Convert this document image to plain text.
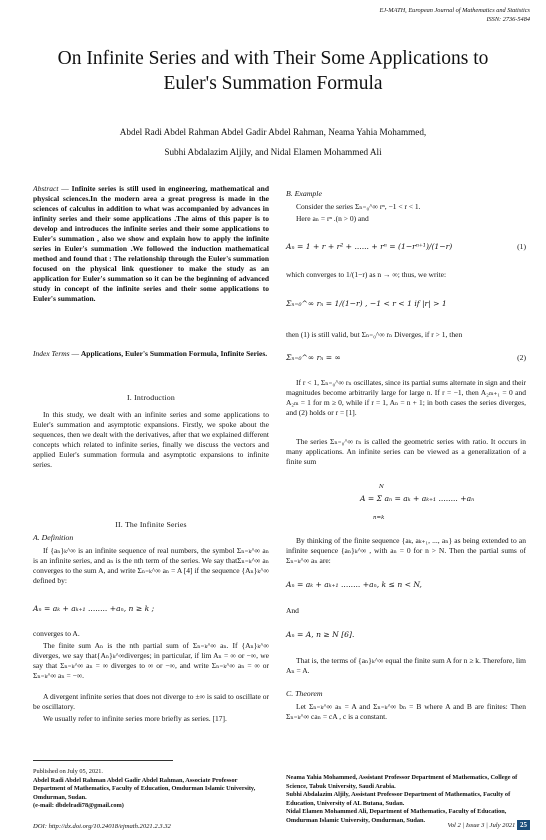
EJ-MATH, European Journal of Mathematics and Statistics
ISSN: 2736-5484
On Infinite Series and with Their Some Applications to
Euler's Summation Formula
Abdel Radi Abdel Rahman Abdel Gadir Abdel Rahman, Neama Yahia Mohammed,
Subhi Abdalazim Aljily, and Nidal Elamen Mohammed Ali
Abstract — Infinite series is still used in engineering, mathematical and physical sciences.In the modern area a great progress is made in the sciences of calculus in addition to what was accompanied by advances in infinity series and their some applications .The aims of this paper is to develop and introduces the infinite series and their some applications to Euler's summation , also we show and explain how to apply the infinite series in Euler's summation .We followed the induction mathematical method and found that : The relationship through the Euler's summation focused on the physical link questioner to make the study as an application for Euler's summation so it can be the beginning of advanced study in concept of the infinite series and their some applications to Euler's summation.
Index Terms — Applications, Euler's Summation Formula, Infinite Series.
I. Introduction
In this study, we dealt with an infinite series and some applications to Euler's summation and asymptotic expansions. Firstly, we spoke about the sequences, then we dealt with the derivatives, after that we explained different concepts which related to infinite series, finally we discuss the vectors and applied Euler's summation formula and asymptotic expansions to infinite series.
II. The Infinite Series
A. Definition
If {aₙ}ₖ^∞ is an infinite sequence of real numbers, the symbol Σₙ₌ₖ^∞ aₙ is an infinite series, and aₙ is the nth term of the series. We say thatΣₙ₌ₖ^∞ aₙ converges to the sum A, and write Σₙ₌ₖ^∞ aₙ = A [4] if the sequence {Aₙ}ₖ^∞ defined by:
Aₙ = aₖ + aₖ₊₁ ........ +aₙ, n ≥ k ;
converges to A.
The finite sum Aₙ is the nth partial sum of Σₙ₌ₖ^∞ aₙ. If {Aₙ}ₖ^∞ diverges, we say that{Aₙ}ₖ^∞diverges; in particular, if lim Aₙ = ∞ or −∞, we say that Σₙ₌ₖ^∞ aₙ = ∞ diverges to ∞ or −∞, and write Σₙ₌ₖ^∞ aₙ = ∞ or Σₙ₌ₖ^∞ aₙ = −∞.
A divergent infinite series that does not diverge to ±∞ is said to oscillate or be oscillatory.
We usually refer to infinite series more briefly as series. [17].
Published on July 05, 2021.
Abdel Radi Abdel Rahman Abdel Gadir Abdel Rahman, Associate Professor Department of Mathematics, Faculty of Education, Omdurman Islamic University, Omdurman, Sudan.
(e-mail: dbdelradi78@gmail.com)
B. Example
Consider the series Σₙ₌₀^∞ rⁿ, −1 < r < 1.
Here aₙ = rⁿ .(n > 0) and
Aₙ = 1 + r + r² + ...... + rⁿ = (1−rⁿ⁺¹)/(1−r)	(1)
which converges to 1/(1−r) as n → ∞; thus, we write:
Σₙ₌₀^∞ rₙ = 1/(1−r) , −1 < r < 1 if |r| > 1
then (1) is still valid, but Σₙ₌₀^∞ rₙ Diverges, if r > 1, then
Σₙ₌₀^∞ rₙ = ∞	(2)
If r < 1, Σₙ₌₀^∞ rₙ oscillates, since its partial sums alternate in sign and their magnitudes become arbitrarily large for large n. If r = −1, then A₂ₘ₊₁ = 0 and A₂ₘ = 1 for m ≥ 0, while if r = 1, Aₙ = n + 1; in both cases the series diverges, and (2) holds or r = [1].
The series Σₙ₌₀^∞ rₙ is called the geometric series with ratio. It occurs in many applications. An infinite series can be viewed as a generalization of a finite sum
N
A = Σ aₙ = aₖ + aₖ₊₁ ........ +aₙ
n=k
By thinking of the finite sequence {aₖ, aₖ₊₁, ..., aₙ} as being extended to an infinite sequence {aₙ}ₖ^∞ , with aₙ = 0 for n > N. Then the partial sums of Σₙ₌ₖ^∞ aₙ are:
Aₙ = aₖ + aₖ₊₁ ........ +aₙ, k ≤ n < N,
And
Aₙ = A, n ≥ N [6].
That is, the terms of {aₙ}ₖ^∞ equal the finite sum A for n ≥ k. Therefore, lim Aₙ = A.
C. Theorem
Let Σₙ₌ₖ^∞ aₙ = A and Σₙ₌ₖ^∞ bₙ = B where A and B are finites: Then Σₙ₌ₖ^∞ caₙ = cA , c is a constant.
Neama Yahia Mohammed, Assistant Professor Department of Mathematics, College of Science, Tabuk University, Saudi Arabia.
Subhi Abdalazim Aljily, Assistant Professor Department of Mathematics, Faculty of Education, University of AL Butana, Sudan.
Nidal Elamen Mohammed Ali, Department of Mathematics, Faculty of Education, Omdurman Islamic University, Omdurman, Sudan.
DOI: http://dx.doi.org/10.24018/ejmath.2021.2.3.32	Vol 2 | Issue 3 | July 2021 25
